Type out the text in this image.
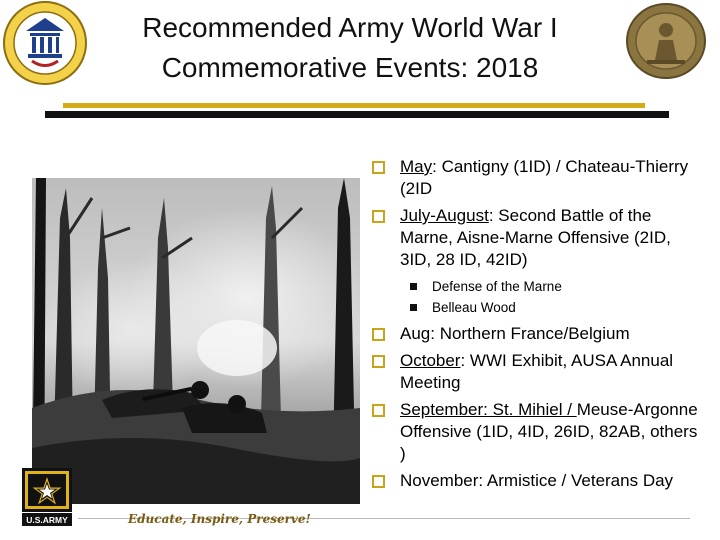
Recommended Army World War I
Commemorative Events: 2018
May: Cantigny (1ID) / Chateau-Thierry (2ID
July-August: Second Battle of the Marne, Aisne-Marne Offensive (2ID, 3ID, 28 ID, 42ID)
Defense of the Marne
Belleau Wood
Aug: Northern France/Belgium
October: WWI Exhibit, AUSA Annual Meeting
September: St. Mihiel / Meuse-Argonne Offensive (1ID, 4ID, 26ID, 82AB, others )
November: Armistice / Veterans Day
U.S.ARMY	Educate, Inspire, Preserve!
